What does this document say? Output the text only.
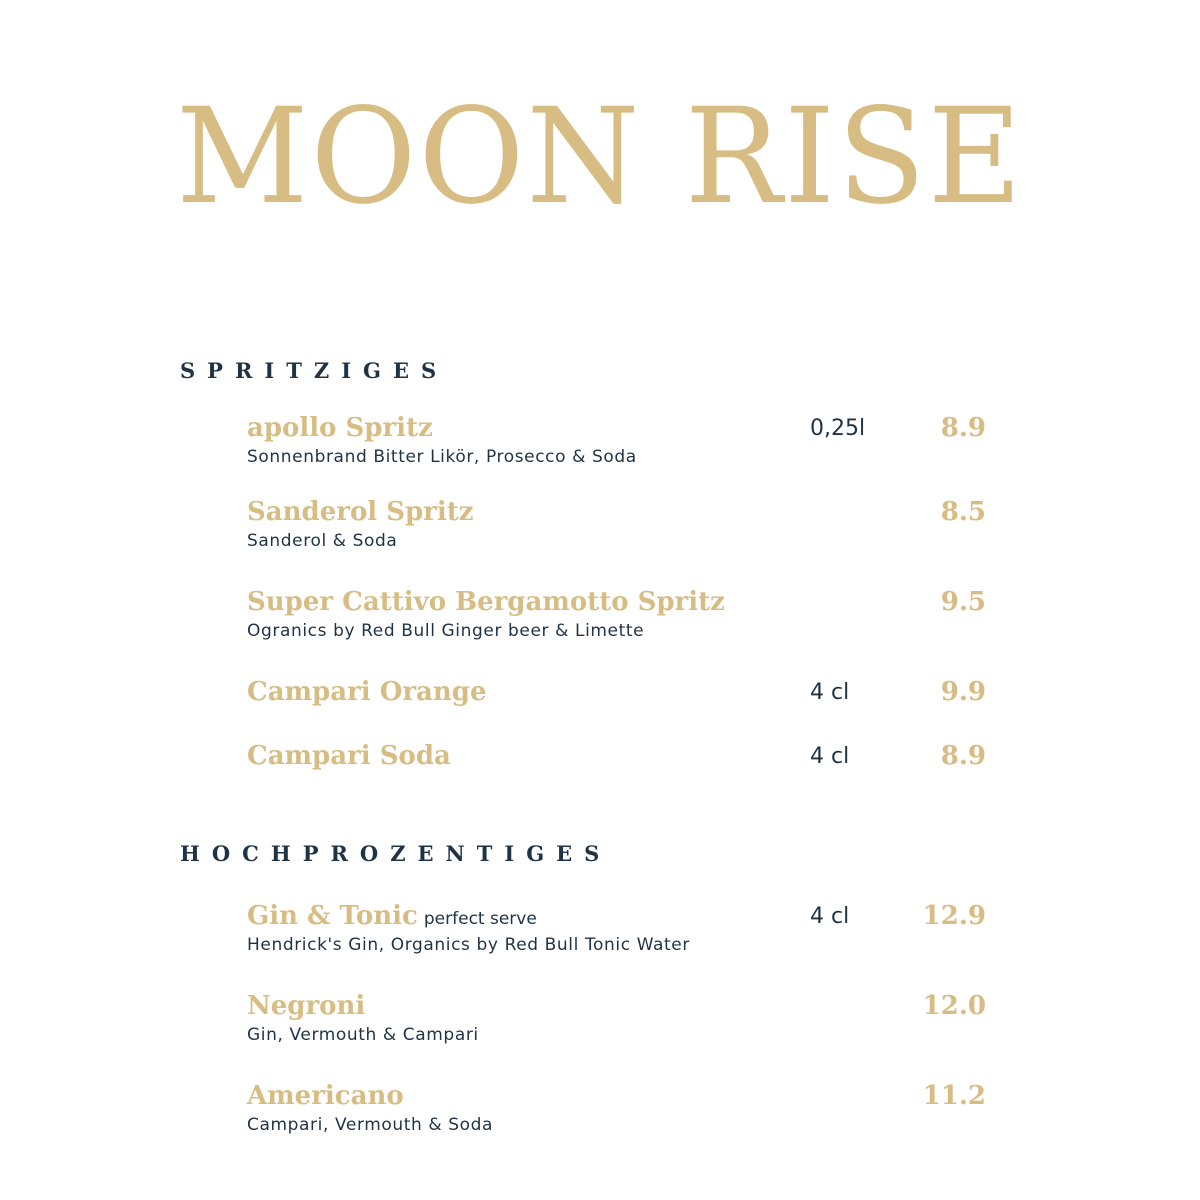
MOON RISE
SPRITZIGES
apollo Spritz
Sonnenbrand Bitter Likör, Prosecco & Soda
0,25l	8.9
Sanderol Spritz
Sanderol & Soda
8.5
Super Cattivo Bergamotto Spritz
Ogranics by Red Bull Ginger beer & Limette
9.5
Campari Orange	4 cl	9.9
Campari Soda	4 cl	8.9
HOCHPROZENTIGES
Gin & Tonic perfect serve
Hendrick's Gin, Organics by Red Bull Tonic Water
4 cl	12.9
Negroni
Gin, Vermouth & Campari
12.0
Americano
Campari, Vermouth & Soda
11.2
